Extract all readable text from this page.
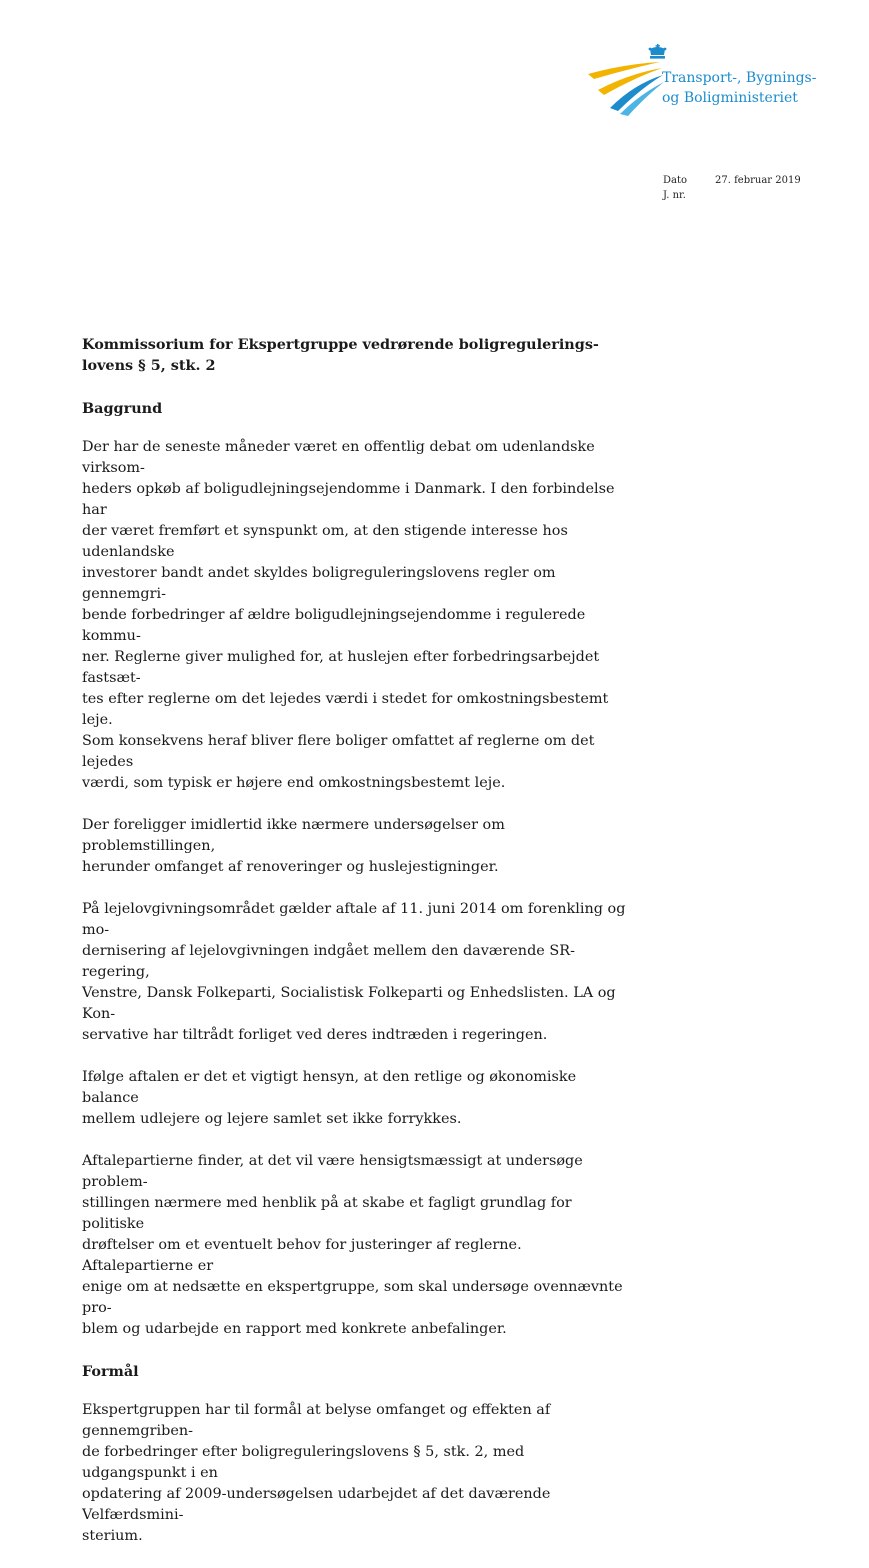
Transport-, Bygnings-
og Boligministeriet
Dato	27. februar 2019
J. nr.
Kommissorium for Ekspertgruppe vedrørende boligregulerings-
lovens § 5, stk. 2
Baggrund
Der har de seneste måneder været en offentlig debat om udenlandske virksom-
heders opkøb af boligudlejningsejendomme i Danmark. I den forbindelse har
der været fremført et synspunkt om, at den stigende interesse hos udenlandske
investorer bandt andet skyldes boligreguleringslovens regler om gennemgri-
bende forbedringer af ældre boligudlejningsejendomme i regulerede kommu-
ner. Reglerne giver mulighed for, at huslejen efter forbedringsarbejdet fastsæt-
tes efter reglerne om det lejedes værdi i stedet for omkostningsbestemt leje.
Som konsekvens heraf bliver flere boliger omfattet af reglerne om det lejedes
værdi, som typisk er højere end omkostningsbestemt leje.
Der foreligger imidlertid ikke nærmere undersøgelser om problemstillingen,
herunder omfanget af renoveringer og huslejestigninger.
På lejelovgivningsområdet gælder aftale af 11. juni 2014 om forenkling og mo-
dernisering af lejelovgivningen indgået mellem den daværende SR-regering,
Venstre, Dansk Folkeparti, Socialistisk Folkeparti og Enhedslisten. LA og Kon-
servative har tiltrådt forliget ved deres indtræden i regeringen.
Ifølge aftalen er det et vigtigt hensyn, at den retlige og økonomiske balance
mellem udlejere og lejere samlet set ikke forrykkes.
Aftalepartierne finder, at det vil være hensigtsmæssigt at undersøge problem-
stillingen nærmere med henblik på at skabe et fagligt grundlag for politiske
drøftelser om et eventuelt behov for justeringer af reglerne. Aftalepartierne er
enige om at nedsætte en ekspertgruppe, som skal undersøge ovennævnte pro-
blem og udarbejde en rapport med konkrete anbefalinger.
Formål
Ekspertgruppen har til formål at belyse omfanget og effekten af gennemgriben-
de forbedringer efter boligreguleringslovens § 5, stk. 2, med udgangspunkt i en
opdatering af 2009-undersøgelsen udarbejdet af det daværende Velfærdsmini-
sterium.
